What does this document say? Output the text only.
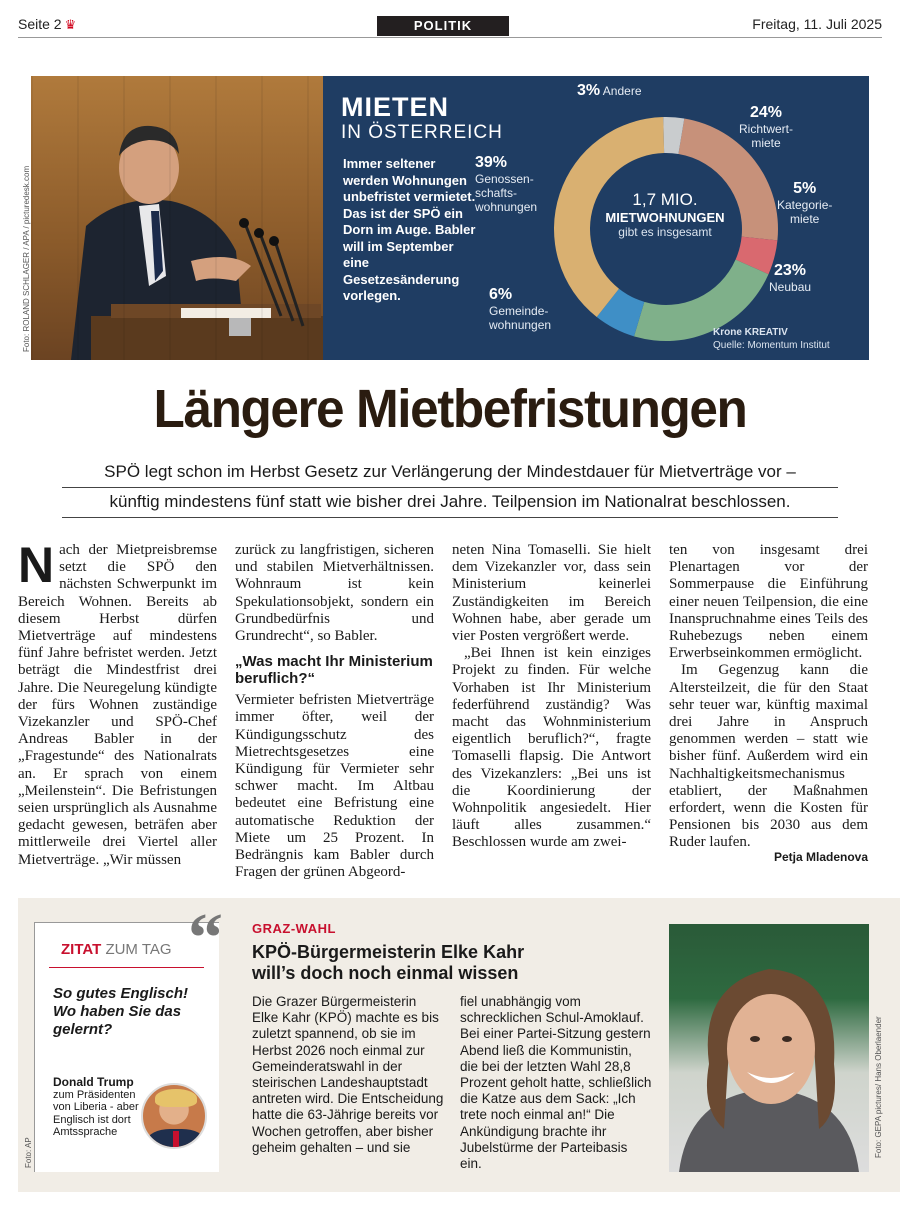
Seite 2 ♛	POLITIK	Freitag, 11. Juli 2025
Foto: ROLAND SCHLAGER / APA / picturedesk.com
MIETEN
IN ÖSTERREICH
Immer seltener werden Wohnungen unbefristet vermietet. Das ist der SPÖ ein Dorn im Auge. Babler will im September eine Gesetzesänderung vorlegen.
1,7 MIO.
MIETWOHNUNGEN
gibt es insgesamt
3% Andere
24%
Richtwert-
miete
5%
Kategorie-
miete
23%
Neubau
6%
Gemeinde-
wohnungen
39%
Genossen-
schafts-
wohnungen
Krone KREATIV
Quelle: Momentum Institut
Längere Mietbefristungen
SPÖ legt schon im Herbst Gesetz zur Verlängerung der Mindestdauer für Mietverträge vor –
künftig mindestens fünf statt wie bisher drei Jahre. Teilpension im Nationalrat beschlossen.

Nach der Mietpreisbremse setzt die SPÖ den nächsten Schwerpunkt im Bereich Wohnen. Bereits ab diesem Herbst dürfen Mietverträge auf mindestens fünf Jahre befristet werden. Jetzt beträgt die Mindestfrist drei Jahre. Die Neuregelung kündigte der fürs Wohnen zuständige Vizekanzler und SPÖ-Chef Andreas Babler in der „Fragestunde“ des Nationalrats an. Er sprach von einem „Meilenstein“. Die Befristungen seien ursprünglich als Ausnahme gedacht gewesen, beträfen aber mittlerweile drei Viertel aller Mietverträge. „Wir müssen

zurück zu langfristigen, sicheren und stabilen Mietverhältnissen. Wohnraum ist kein Spekulationsobjekt, sondern ein Grundbedürfnis und Grundrecht“, so Babler.

„Was macht Ihr Ministerium beruflich?“

Vermieter befristen Mietverträge immer öfter, weil der Kündigungsschutz des Mietrechtsgesetzes eine Kündigung für Vermieter sehr schwer macht. Im Altbau bedeutet eine Befristung eine automatische Reduktion der Miete um 25 Prozent. In Bedrängnis kam Babler durch Fragen der grünen Abgeord-

neten Nina Tomaselli. Sie hielt dem Vizekanzler vor, dass sein Ministerium keinerlei Zuständigkeiten im Bereich Wohnen habe, aber gerade um vier Posten vergrößert werde.

„Bei Ihnen ist kein einziges Projekt zu finden. Für welche Vorhaben ist Ihr Ministerium federführend zuständig? Was macht das Wohnministerium eigentlich beruflich?“, fragte Tomaselli flapsig. Die Antwort des Vizekanzlers: „Bei uns ist die Koordinierung der Wohnpolitik angesiedelt. Hier läuft alles zusammen.“ Beschlossen wurde am zwei-

ten von insgesamt drei Plenartagen vor der Sommerpause die Einführung einer neuen Teilpension, die eine Inanspruchnahme eines Teils des Ruhebezugs neben einem Erwerbseinkommen ermöglicht.

Im Gegenzug kann die Altersteilzeit, die für den Staat sehr teuer war, künftig maximal drei Jahre in Anspruch genommen werden – statt wie bisher fünf. Außerdem wird ein Nachhaltigkeitsmechanismus etabliert, der Maßnahmen erfordert, wenn die Kosten für Pensionen bis 2030 aus dem Ruder laufen.

Petja Mladenova
ZITAT ZUM TAG
So gutes Englisch! Wo haben Sie das gelernt?
Donald Trump
zum Präsidenten von Liberia - aber Englisch ist dort Amtssprache
“
Foto: AP
GRAZ-WAHL
KPÖ-Bürgermeisterin Elke Kahr will’s doch noch einmal wissen
Die Grazer Bürgermeisterin Elke Kahr (KPÖ) machte es bis zuletzt spannend, ob sie im Herbst 2026 noch einmal zur Gemeinderatswahl in der steirischen Landeshauptstadt antreten wird. Die Entscheidung hatte die 63-Jährige bereits vor Wochen getroffen, aber bisher geheim gehalten – und sie
fiel unabhängig vom schrecklichen Schul-Amoklauf. Bei einer Partei-Sitzung gestern Abend ließ die Kommunistin, die bei der letzten Wahl 28,8 Prozent geholt hatte, schließlich die Katze aus dem Sack: „Ich trete noch einmal an!“ Die Ankündigung brachte ihr Jubelstürme der Parteibasis ein.
Foto: GEPA pictures/ Hans Oberlaender
